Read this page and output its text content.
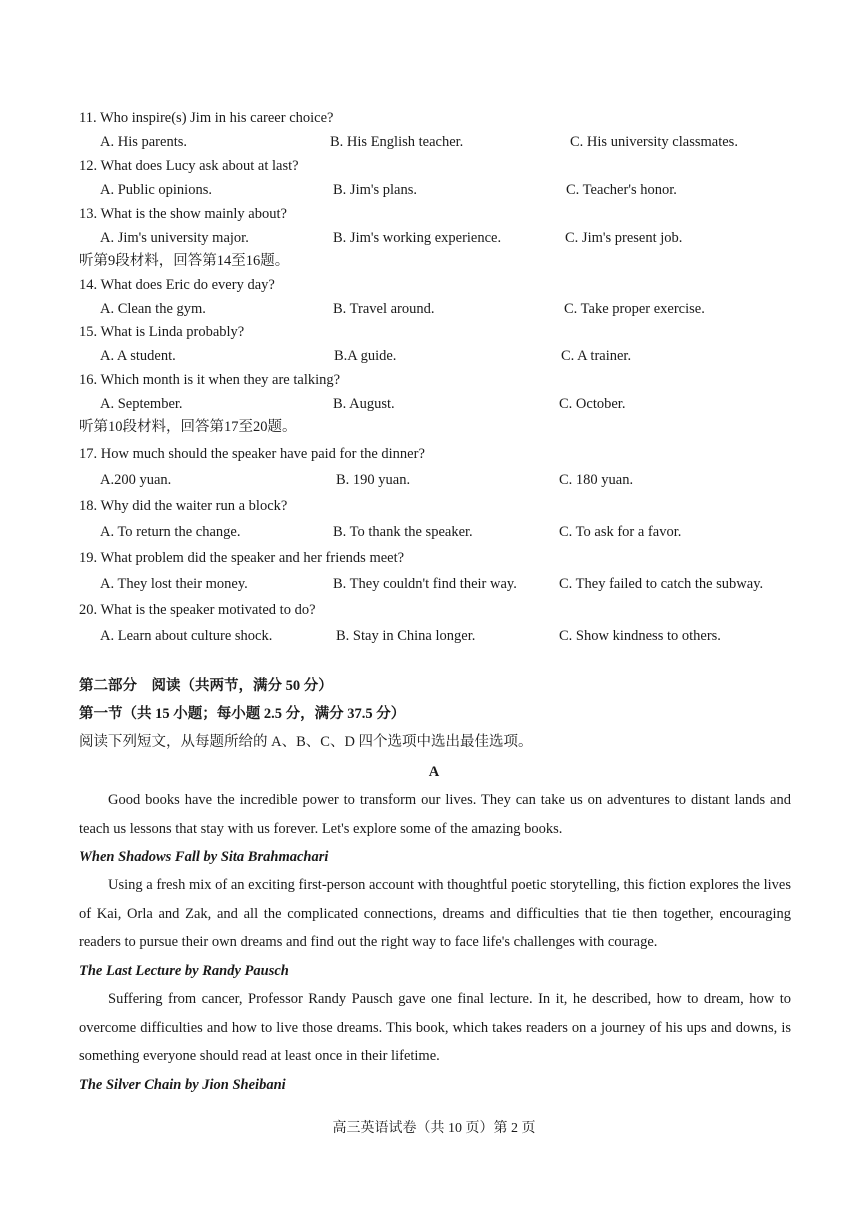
11. Who inspire(s) Jim in his career choice?
A. His parents.	B. His English teacher.	C. His university classmates.
12. What does Lucy ask about at last?
A. Public opinions.	B. Jim's plans.	C. Teacher's honor.
13. What is the show mainly about?
A. Jim's university major.	B. Jim's working experience.	C. Jim's present job.
听第9段材料，回答第14至16题。
14. What does Eric do every day?
A. Clean the gym.	B. Travel around.	C. Take proper exercise.
15. What is Linda probably?
A. A student.	B.A guide.	C. A trainer.
16. Which month is it when they are talking?
A. September.	B. August.	C. October.
听第10段材料，回答第17至20题。
17. How much should the speaker have paid for the dinner?
A.200 yuan.	B. 190 yuan.	C. 180 yuan.
18. Why did the waiter run a block?
A. To return the change.	B. To thank the speaker.	C. To ask for a favor.
19. What problem did the speaker and her friends meet?
A. They lost their money.	B. They couldn't find their way.	C. They failed to catch the subway.
20. What is the speaker motivated to do?
A. Learn about culture shock.	B. Stay in China longer.	C. Show kindness to others.
第二部分　阅读（共两节，满分 50 分）
第一节（共 15 小题；每小题 2.5 分，满分 37.5 分）
阅读下列短文，从每题所给的 A、B、C、D 四个选项中选出最佳选项。
A
Good books have the incredible power to transform our lives. They can take us on adventures to distant lands and teach us lessons that stay with us forever. Let's explore some of the amazing books.
When Shadows Fall by Sita Brahmachari
Using a fresh mix of an exciting first-person account with thoughtful poetic storytelling, this fiction explores the lives of Kai, Orla and Zak, and all the complicated connections, dreams and difficulties that tie then together, encouraging readers to pursue their own dreams and find out the right way to face life's challenges with courage.
The Last Lecture by Randy Pausch
Suffering from cancer, Professor Randy Pausch gave one final lecture. In it, he described, how to dream, how to overcome difficulties and how to live those dreams. This book, which takes readers on a journey of his ups and downs, is something everyone should read at least once in their lifetime.
The Silver Chain by Jion Sheibani
高三英语试卷（共 10 页）第 2 页
